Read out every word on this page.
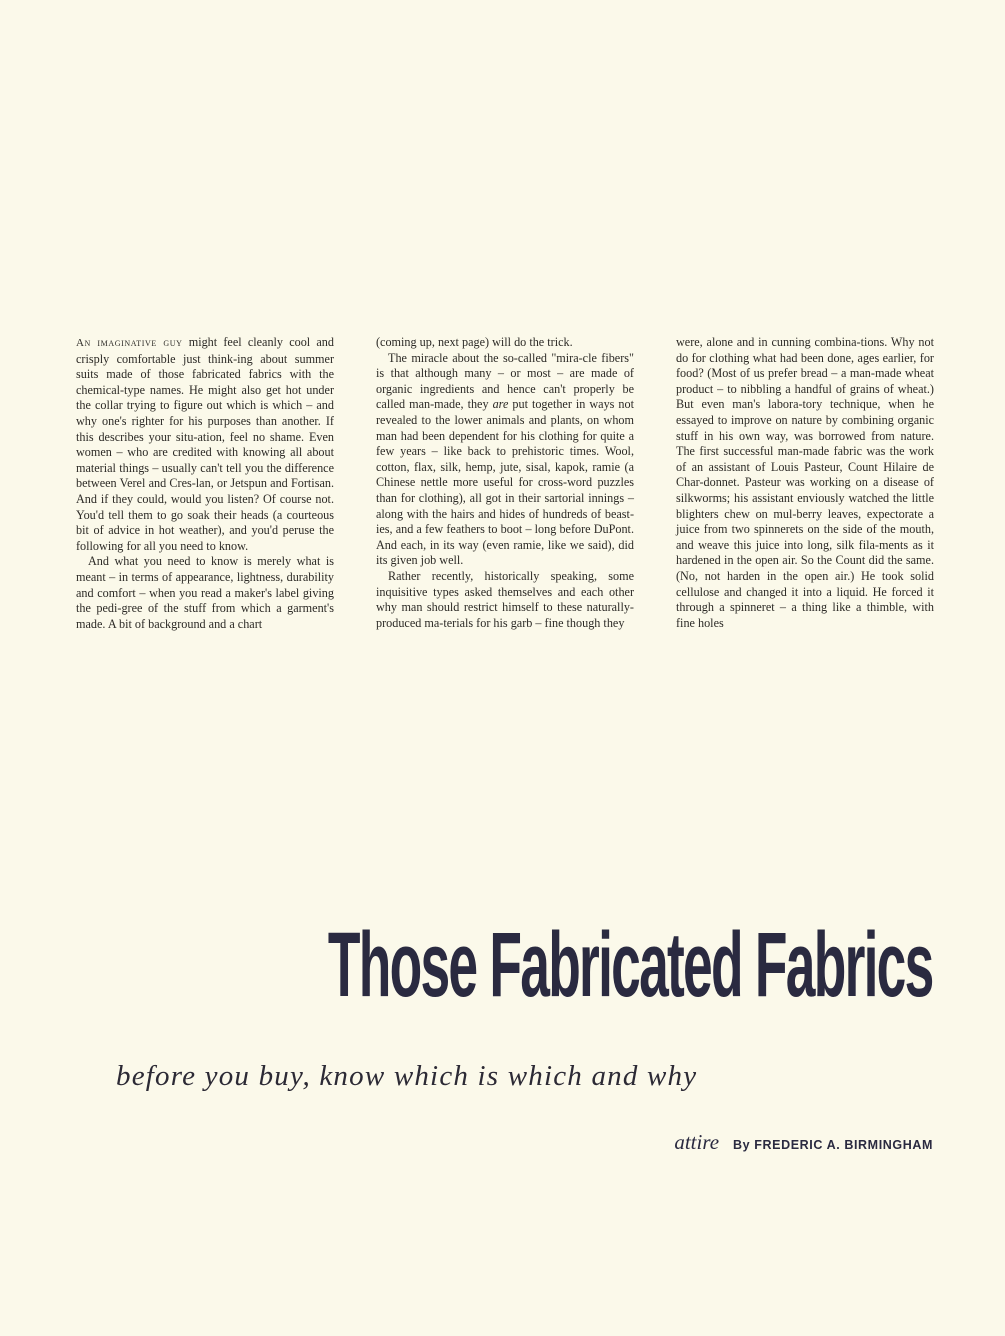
An imaginative guy might feel cleanly cool and crisply comfortable just think-ing about summer suits made of those fabricated fabrics with the chemical-type names. He might also get hot under the collar trying to figure out which is which – and why one's righter for his purposes than another. If this describes your situ-ation, feel no shame. Even women – who are credited with knowing all about material things – usually can't tell you the difference between Verel and Cres-lan, or Jetspun and Fortisan. And if they could, would you listen? Of course not. You'd tell them to go soak their heads (a courteous bit of advice in hot weather), and you'd peruse the following for all you need to know.

And what you need to know is merely what is meant – in terms of appearance, lightness, durability and comfort – when you read a maker's label giving the pedi-gree of the stuff from which a garment's made. A bit of background and a chart

(coming up, next page) will do the trick.

The miracle about the so-called "mira-cle fibers" is that although many – or most – are made of organic ingredients and hence can't properly be called man-made, they are put together in ways not revealed to the lower animals and plants, on whom man had been dependent for his clothing for quite a few years – like back to prehistoric times. Wool, cotton, flax, silk, hemp, jute, sisal, kapok, ramie (a Chinese nettle more useful for cross-word puzzles than for clothing), all got in their sartorial innings – along with the hairs and hides of hundreds of beast-ies, and a few feathers to boot – long before DuPont. And each, in its way (even ramie, like we said), did its given job well.

Rather recently, historically speaking, some inquisitive types asked themselves and each other why man should restrict himself to these naturally-produced ma-terials for his garb – fine though they

were, alone and in cunning combina-tions. Why not do for clothing what had been done, ages earlier, for food? (Most of us prefer bread – a man-made wheat product – to nibbling a handful of grains of wheat.) But even man's labora-tory technique, when he essayed to improve on nature by combining organic stuff in his own way, was borrowed from nature. The first successful man-made fabric was the work of an assistant of Louis Pasteur, Count Hilaire de Char-donnet. Pasteur was working on a disease of silkworms; his assistant enviously watched the little blighters chew on mul-berry leaves, expectorate a juice from two spinnerets on the side of the mouth, and weave this juice into long, silk fila-ments as it hardened in the open air. So the Count did the same. (No, not harden in the open air.) He took solid cellulose and changed it into a liquid. He forced it through a spinneret – a thing like a thimble, with fine holes

Those Fabricated Fabrics

before you buy, know which is which and why

attire By FREDERIC A. BIRMINGHAM
